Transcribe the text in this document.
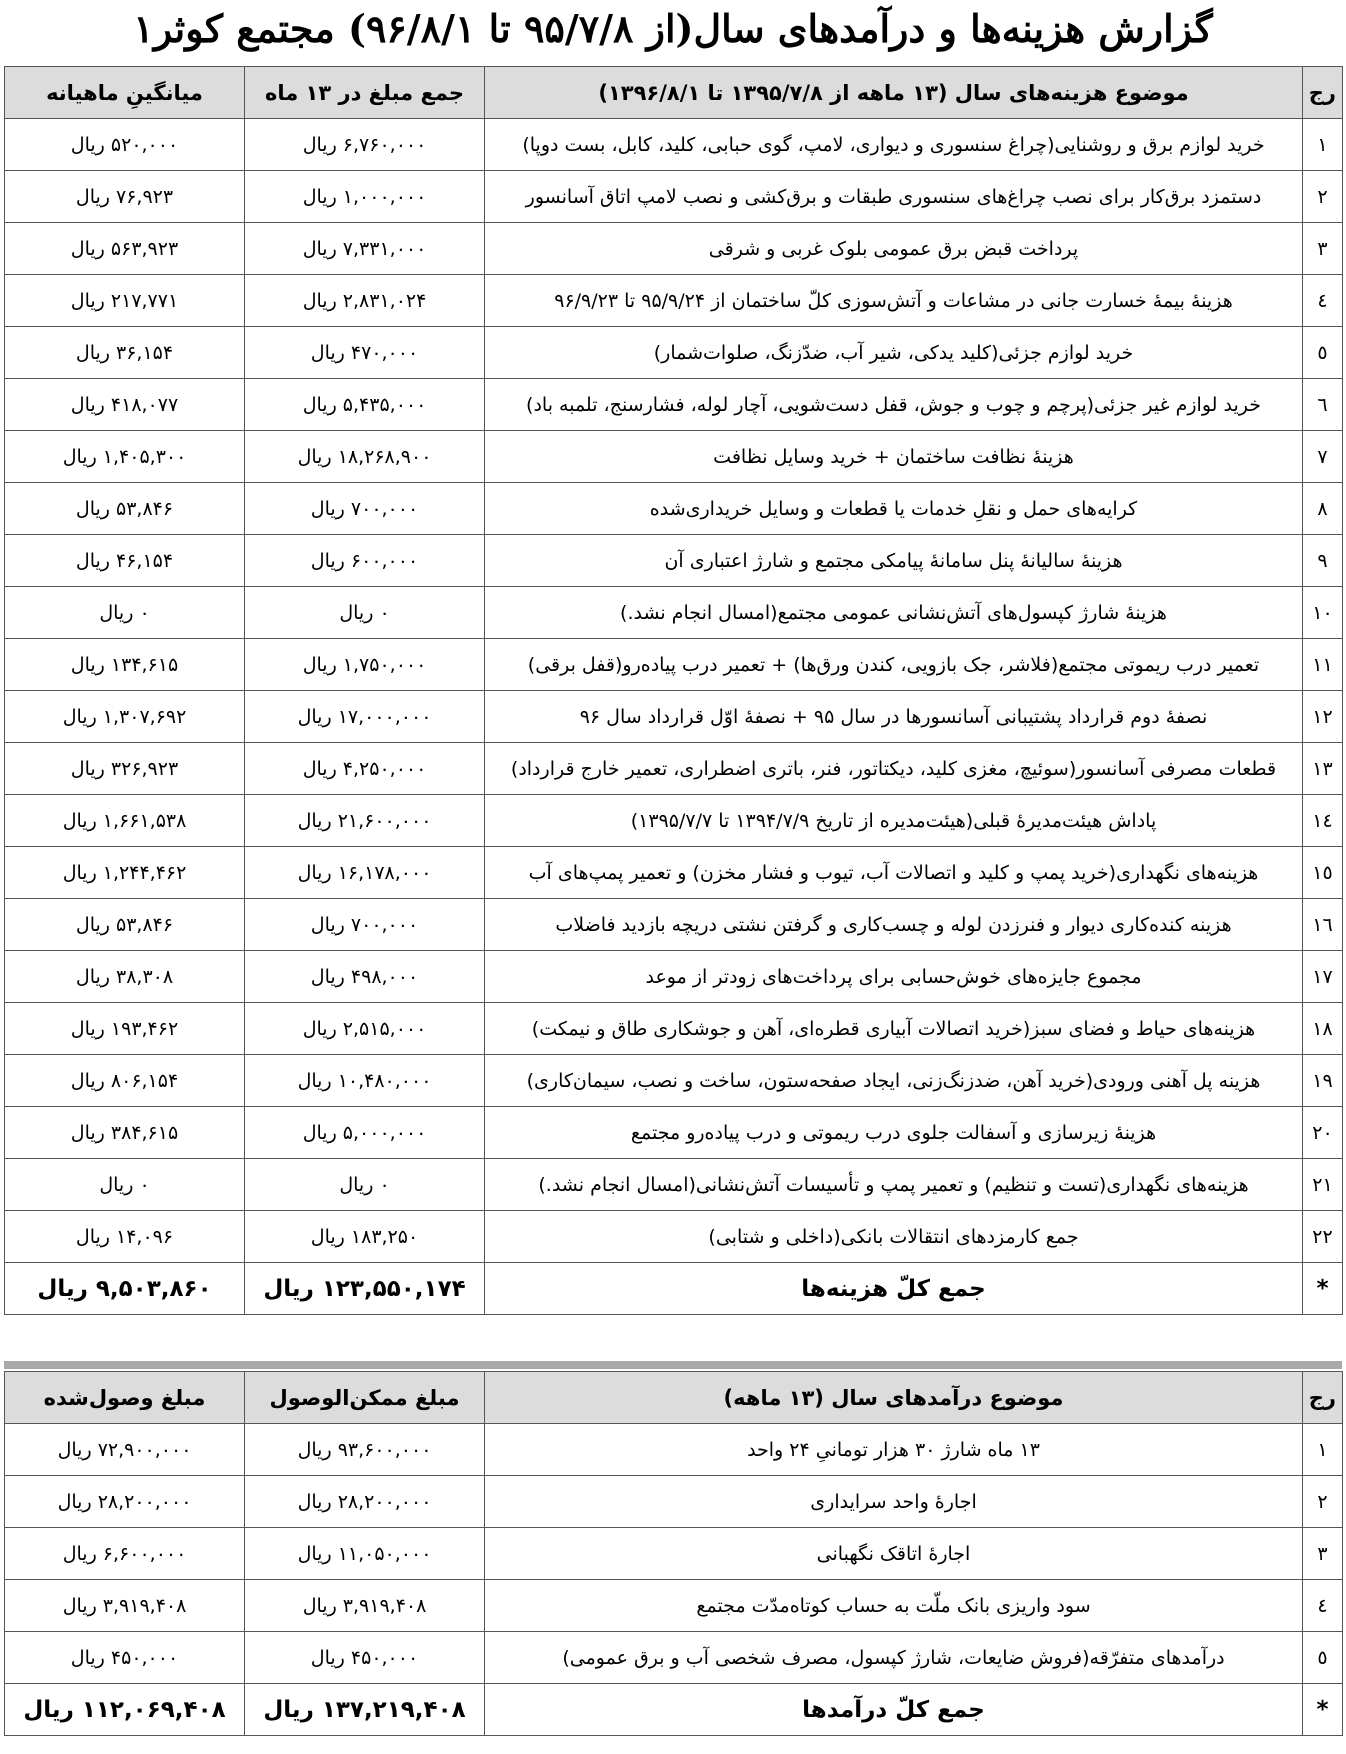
گزارش هزینه‌ها و درآمدهای سال(از ۹۵/۷/۸ تا ۹۶/۸/۱) مجتمع کوثر۱
رج	موضوع هزینه‌های سال (۱۳ ماهه از ۱۳۹۵/۷/۸ تا ۱۳۹۶/۸/۱)	جمع مبلغ در ۱۳ ماه	میانگینِ ماهیانه
۱	خرید لوازم برق و روشنایی(چراغ سنسوری و دیواری، لامپ، گوی حبابی، کلید، کابل، بست دوپا)	۶,۷۶۰,۰۰۰ ریال	۵۲۰,۰۰۰ ریال
۲	دستمزد برق‌کار برای نصب چراغ‌های سنسوری طبقات و برق‌کشی و نصب لامپ اتاق آسانسور	۱,۰۰۰,۰۰۰ ریال	۷۶,۹۲۳ ریال
۳	پرداخت قبض برق عمومی بلوک غربی و شرقی	۷,۳۳۱,۰۰۰ ریال	۵۶۳,۹۲۳ ریال
٤	هزینهٔ بیمهٔ خسارت جانی در مشاعات و آتش‌سوزی کلّ ساختمان از ۹۵/۹/۲۴ تا ۹۶/۹/۲۳	۲,۸۳۱,۰۲۴ ریال	۲۱۷,۷۷۱ ریال
٥	خرید لوازم جزئی(کلید یدکی، شیر آب، ضدّزنگ، صلوات‌شمار)	۴۷۰,۰۰۰ ریال	۳۶,۱۵۴ ریال
٦	خرید لوازم غیر جزئی(پرچم و چوب و جوش، قفل دست‌شویی، آچار لوله، فشارسنج، تلمبه باد)	۵,۴۳۵,۰۰۰ ریال	۴۱۸,۰۷۷ ریال
۷	هزینهٔ نظافت ساختمان + خرید وسایل نظافت	۱۸,۲۶۸,۹۰۰ ریال	۱,۴۰۵,۳۰۰ ریال
۸	کرایه‌های حمل و نقلِ خدمات یا قطعات و وسایل خریداری‌شده	۷۰۰,۰۰۰ ریال	۵۳,۸۴۶ ریال
۹	هزینهٔ سالیانهٔ پنل سامانهٔ پیامکی مجتمع و شارژ اعتباری آن	۶۰۰,۰۰۰ ریال	۴۶,۱۵۴ ریال
۱۰	هزینهٔ شارژ کپسول‌های آتش‌نشانی عمومی مجتمع(امسال انجام نشد.)	۰ ریال	۰ ریال
۱۱	تعمیر درب ریموتی مجتمع(فلاشر، جک بازویی، کندن ورق‌ها) + تعمیر درب پیاده‌رو(قفل برقی)	۱,۷۵۰,۰۰۰ ریال	۱۳۴,۶۱۵ ریال
۱۲	نصفهٔ دوم قرارداد پشتیبانی آسانسورها در سال ۹۵ + نصفهٔ اوّل قرارداد سال ۹۶	۱۷,۰۰۰,۰۰۰ ریال	۱,۳۰۷,۶۹۲ ریال
۱۳	قطعات مصرفی آسانسور(سوئیچ، مغزی کلید، دیکتاتور، فنر، باتری اضطراری، تعمیر خارج قرارداد)	۴,۲۵۰,۰۰۰ ریال	۳۲۶,۹۲۳ ریال
۱٤	پاداش هیئت‌مدیرهٔ قبلی(هیئت‌مدیره از تاریخ ۱۳۹۴/۷/۹ تا ۱۳۹۵/۷/۷)	۲۱,۶۰۰,۰۰۰ ریال	۱,۶۶۱,۵۳۸ ریال
۱٥	هزینه‌های نگهداری(خرید پمپ و کلید و اتصالات آب، تیوب و فشار مخزن) و تعمیر پمپ‌های آب	۱۶,۱۷۸,۰۰۰ ریال	۱,۲۴۴,۴۶۲ ریال
۱٦	هزینه کنده‌کاری دیوار و فنرزدن لوله و چسب‌کاری و گرفتن نشتی دریچه بازدید فاضلاب	۷۰۰,۰۰۰ ریال	۵۳,۸۴۶ ریال
۱۷	مجموع جایزه‌های خوش‌حسابی برای پرداخت‌های زودتر از موعد	۴۹۸,۰۰۰ ریال	۳۸,۳۰۸ ریال
۱۸	هزینه‌های حیاط و فضای سبز(خرید اتصالات آبیاری قطره‌ای، آهن و جوشکاری طاق و نیمکت)	۲,۵۱۵,۰۰۰ ریال	۱۹۳,۴۶۲ ریال
۱۹	هزینه پل آهنی ورودی(خرید آهن، ضدزنگ‌زنی، ایجاد صفحه‌ستون، ساخت و نصب، سیمان‌کاری)	۱۰,۴۸۰,۰۰۰ ریال	۸۰۶,۱۵۴ ریال
۲۰	هزینهٔ زیرسازی و آسفالت جلوی درب ریموتی و درب پیاده‌رو مجتمع	۵,۰۰۰,۰۰۰ ریال	۳۸۴,۶۱۵ ریال
۲۱	هزینه‌های نگهداری(تست و تنظیم) و تعمیر پمپ و تأسیسات آتش‌نشانی(امسال انجام نشد.)	۰ ریال	۰ ریال
۲۲	جمع کارمزدهای انتقالات بانکی(داخلی و شتابی)	۱۸۳,۲۵۰ ریال	۱۴,۰۹۶ ریال
*	جمع کلّ هزینه‌ها	۱۲۳,۵۵۰,۱۷۴ ریال	۹,۵۰۳,۸۶۰ ریال
رج	موضوع درآمدهای سال (۱۳ ماهه)	مبلغ ممکن‌الوصول	مبلغ وصول‌شده
۱	۱۳ ماه شارژ ۳۰ هزار تومانیِ ۲۴ واحد	۹۳,۶۰۰,۰۰۰ ریال	۷۲,۹۰۰,۰۰۰ ریال
۲	اجارهٔ واحد سرایداری	۲۸,۲۰۰,۰۰۰ ریال	۲۸,۲۰۰,۰۰۰ ریال
۳	اجارهٔ اتاقک نگهبانی	۱۱,۰۵۰,۰۰۰ ریال	۶,۶۰۰,۰۰۰ ریال
٤	سود واریزی بانک ملّت به حساب کوتاه‌مدّت مجتمع	۳,۹۱۹,۴۰۸ ریال	۳,۹۱۹,۴۰۸ ریال
٥	درآمدهای متفرّقه(فروش ضایعات، شارژ کپسول، مصرف شخصی آب و برق عمومی)	۴۵۰,۰۰۰ ریال	۴۵۰,۰۰۰ ریال
*	جمع کلّ درآمدها	۱۳۷,۲۱۹,۴۰۸ ریال	۱۱۲,۰۶۹,۴۰۸ ریال
